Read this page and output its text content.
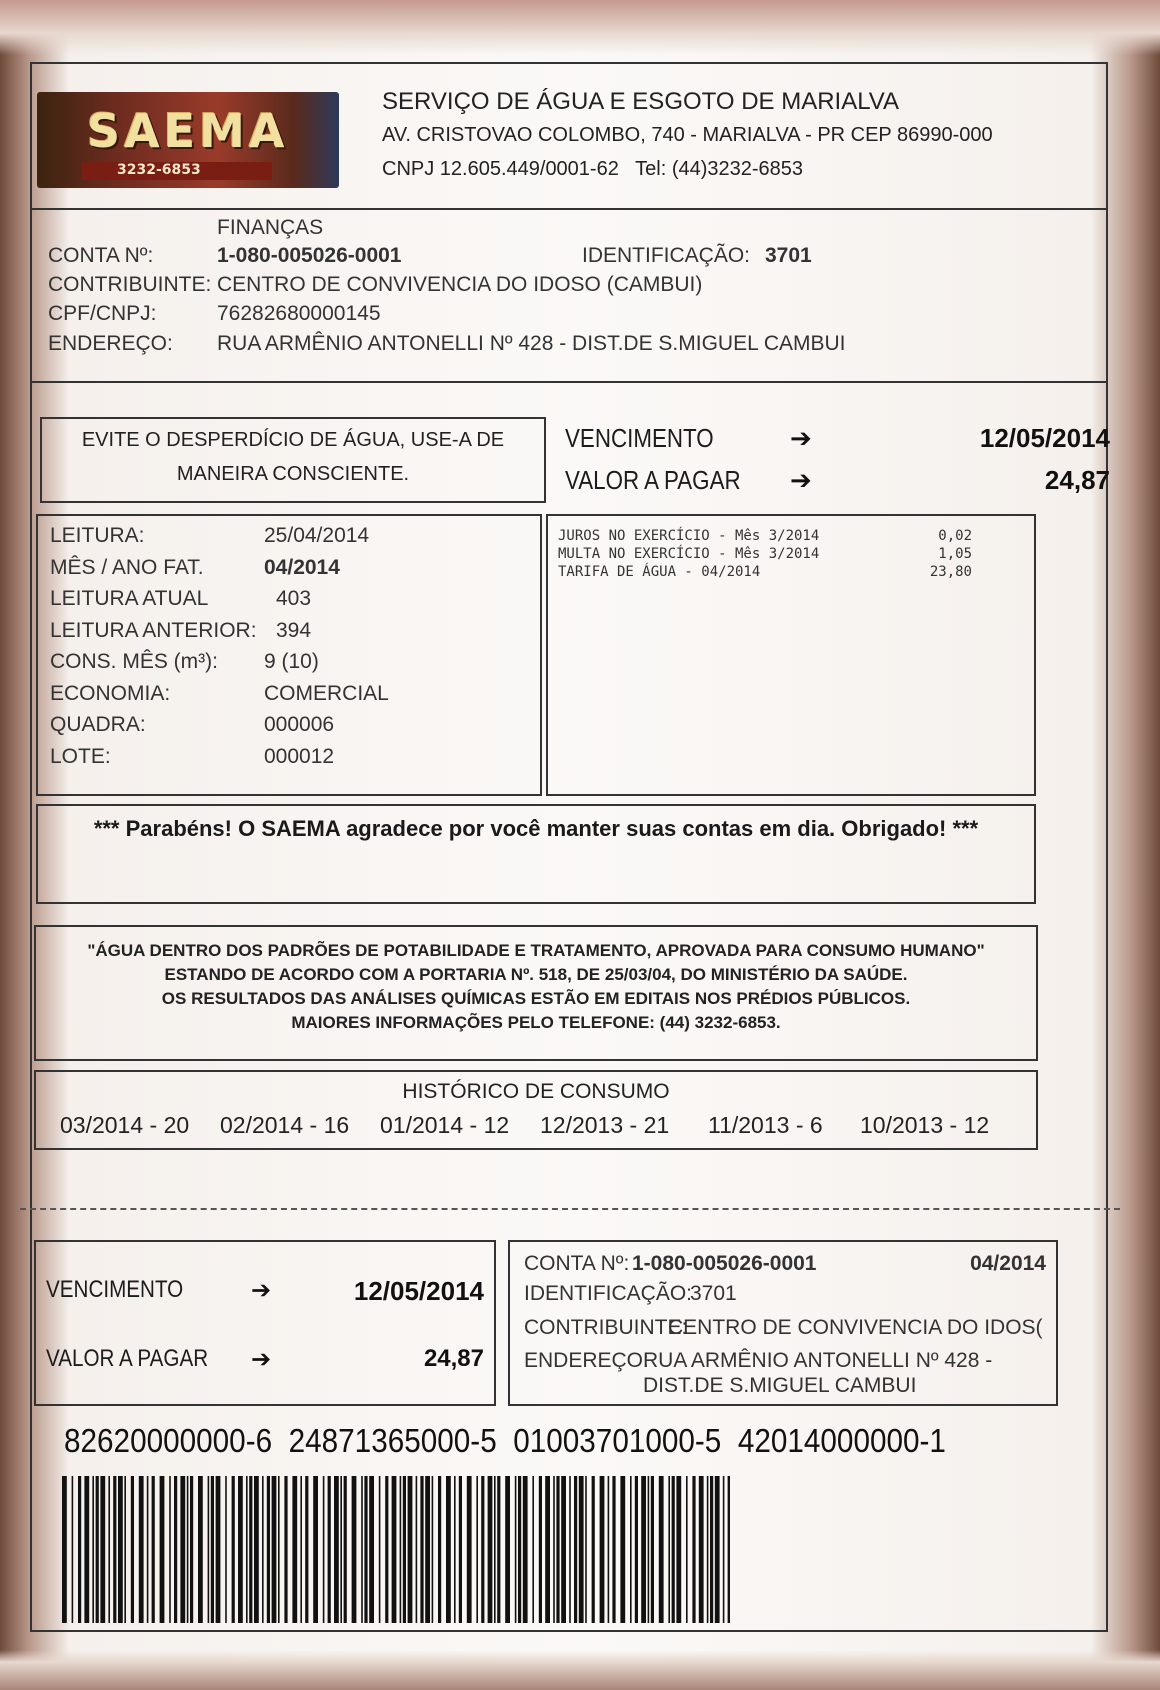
SAEMA
3232-6853
SERVIÇO DE ÁGUA E ESGOTO DE MARIALVA
AV. CRISTOVAO COLOMBO, 740 - MARIALVA - PR CEP 86990-000
CNPJ 12.605.449/0001-62   Tel: (44)3232-6853
FINANÇAS
CONTA Nº:	1-080-005026-0001	IDENTIFICAÇÃO: 3701
CONTRIBUINTE: CENTRO DE CONVIVENCIA DO IDOSO (CAMBUI)
CPF/CNPJ:	76282680000145
ENDEREÇO: RUA ARMÊNIO ANTONELLI Nº 428 - DIST.DE S.MIGUEL CAMBUI
EVITE O DESPERDÍCIO DE ÁGUA, USE-A DE
MANEIRA CONSCIENTE.
VENCIMENTO	➔	12/05/2014
VALOR A PAGAR ➔	24,87
LEITURA:	25/04/2014
MÊS / ANO FAT.	04/2014
LEITURA ATUAL	403
LEITURA ANTERIOR: 394
CONS. MÊS (m³): 9 (10)
ECONOMIA:	COMERCIAL
QUADRA:	000006
LOTE:	000012
JUROS NO EXERCÍCIO - Mês 3/2014	0,02
MULTA NO EXERCÍCIO - Mês 3/2014	1,05
TARIFA DE ÁGUA - 04/2014	23,80
*** Parabéns! O SAEMA agradece por você manter suas contas em dia. Obrigado! ***
"ÁGUA DENTRO DOS PADRÕES DE POTABILIDADE E TRATAMENTO, APROVADA PARA CONSUMO HUMANO"
ESTANDO DE ACORDO COM A PORTARIA Nº. 518, DE 25/03/04, DO MINISTÉRIO DA SAÚDE.
OS RESULTADOS DAS ANÁLISES QUÍMICAS ESTÃO EM EDITAIS NOS PRÉDIOS PÚBLICOS.
MAIORES INFORMAÇÕES PELO TELEFONE: (44) 3232-6853.
HISTÓRICO DE CONSUMO
03/2014 - 20 02/2014 - 16 01/2014 - 12 12/2013 - 21 11/2013 - 6 10/2013 - 12
VENCIMENTO	➔	12/05/2014
VALOR A PAGAR ➔	24,87
CONTA Nº: 1-080-005026-0001	04/2014
IDENTIFICAÇÃO:
3701
CONTRIBUINTE:
CENTRO DE CONVIVENCIA DO IDOS(
ENDEREÇO:
RUA ARMÊNIO ANTONELLI Nº 428 -
DIST.DE S.MIGUEL CAMBUI
82620000000-6  24871365000-5  01003701000-5  42014000000-1
